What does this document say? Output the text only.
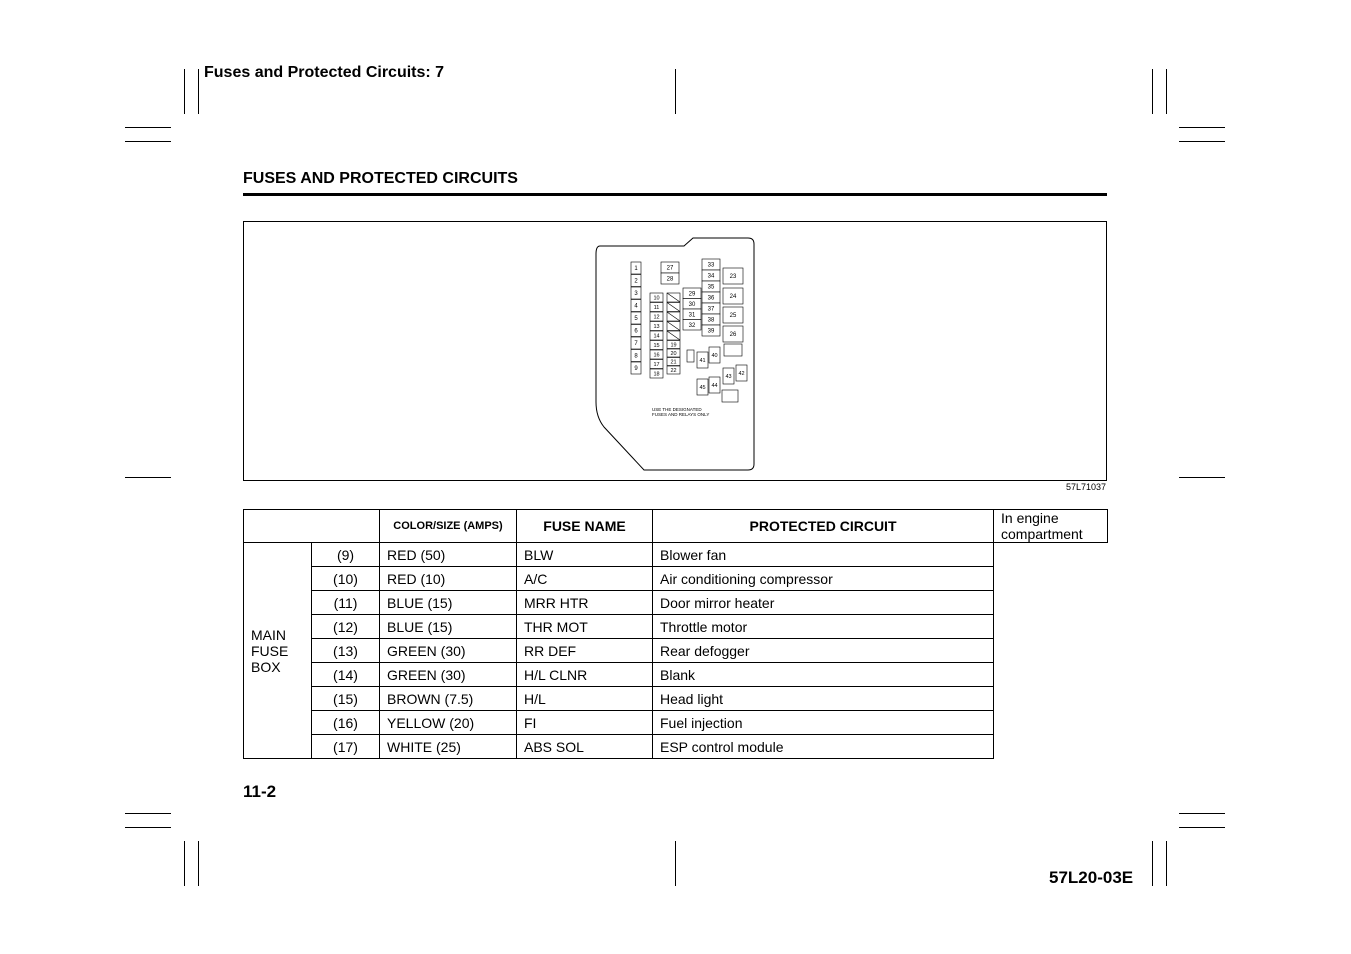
Fuses and Protected Circuits: 7
FUSES AND PROTECTED CIRCUITS
1
2
3
4
5
6
7
8
9
10
11
12
13
14
15
16
17
18
19
20
21
22
27
28
29
30
31
32
33
34
35
36
37
38
39
23
24
25
26
40
41
42
43
44
45
USE THE DESIGNATED
FUSES AND RELAYS ONLY
57L71037
		COLOR/SIZE (AMPS)	FUSE NAME	PROTECTED CIRCUIT	In engine compartment
MAIN
FUSE
BOX	(9)	RED (50)	BLW	Blower fan	
	(10)	RED (10)	A/C	Air conditioning compressor	
	(11)	BLUE (15)	MRR HTR	Door mirror heater	
	(12)	BLUE (15)	THR MOT	Throttle motor	
	(13)	GREEN (30)	RR DEF	Rear defogger	
	(14)	GREEN (30)	H/L CLNR	Blank	
	(15)	BROWN (7.5)	H/L	Head light	
	(16)	YELLOW (20)	FI	Fuel injection	
	(17)	WHITE (25)	ABS SOL	ESP control module	
11-2
57L20-03E
